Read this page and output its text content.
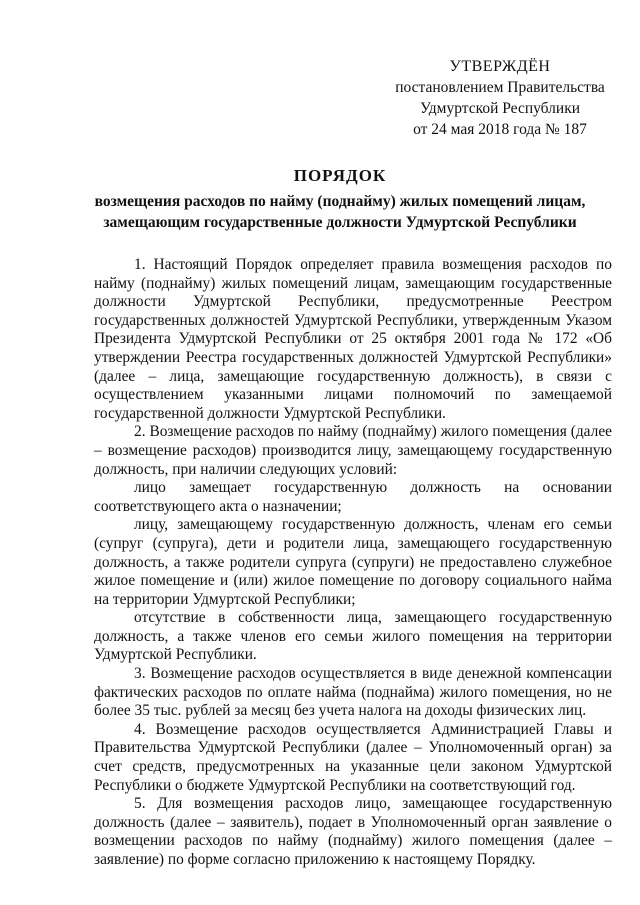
УТВЕРЖДЁН
постановлением Правительства
Удмуртской Республики
от 24 мая 2018 года № 187
ПОРЯДОК
возмещения расходов по найму (поднайму) жилых помещений лицам,
замещающим государственные должности Удмуртской Республики

1. Настоящий Порядок определяет правила возмещения расходов по найму (поднайму) жилых помещений лицам, замещающим государственные должности Удмуртской Республики, предусмотренные Реестром государственных должностей Удмуртской Республики, утвержденным Указом Президента Удмуртской Республики от 25 октября 2001 года № 172 «Об утверждении Реестра государственных должностей Удмуртской Республики» (далее – лица, замещающие государственную должность), в связи с осуществлением указанными лицами полномочий по замещаемой государственной должности Удмуртской Республики.

2. Возмещение расходов по найму (поднайму) жилого помещения (далее – возмещение расходов) производится лицу, замещающему государственную должность, при наличии следующих условий:

лицо замещает государственную должность на основании соответствующего акта о назначении;

лицу, замещающему государственную должность, членам его семьи (супруг (супруга), дети и родители лица, замещающего государственную должность, а также родители супруга (супруги) не предоставлено служебное жилое помещение и (или) жилое помещение по договору социального найма на территории Удмуртской Республики;

отсутствие в собственности лица, замещающего государственную должность, а также членов его семьи жилого помещения на территории Удмуртской Республики.

3. Возмещение расходов осуществляется в виде денежной компенсации фактических расходов по оплате найма (поднайма) жилого помещения, но не более 35 тыс. рублей за месяц без учета налога на доходы физических лиц.

4. Возмещение расходов осуществляется Администрацией Главы и Правительства Удмуртской Республики (далее – Уполномоченный орган) за счет средств, предусмотренных на указанные цели законом Удмуртской Республики о бюджете Удмуртской Республики на соответствующий год.

5. Для возмещения расходов лицо, замещающее государственную должность (далее – заявитель), подает в Уполномоченный орган заявление о возмещении расходов по найму (поднайму) жилого помещения (далее – заявление) по форме согласно приложению к настоящему Порядку.
